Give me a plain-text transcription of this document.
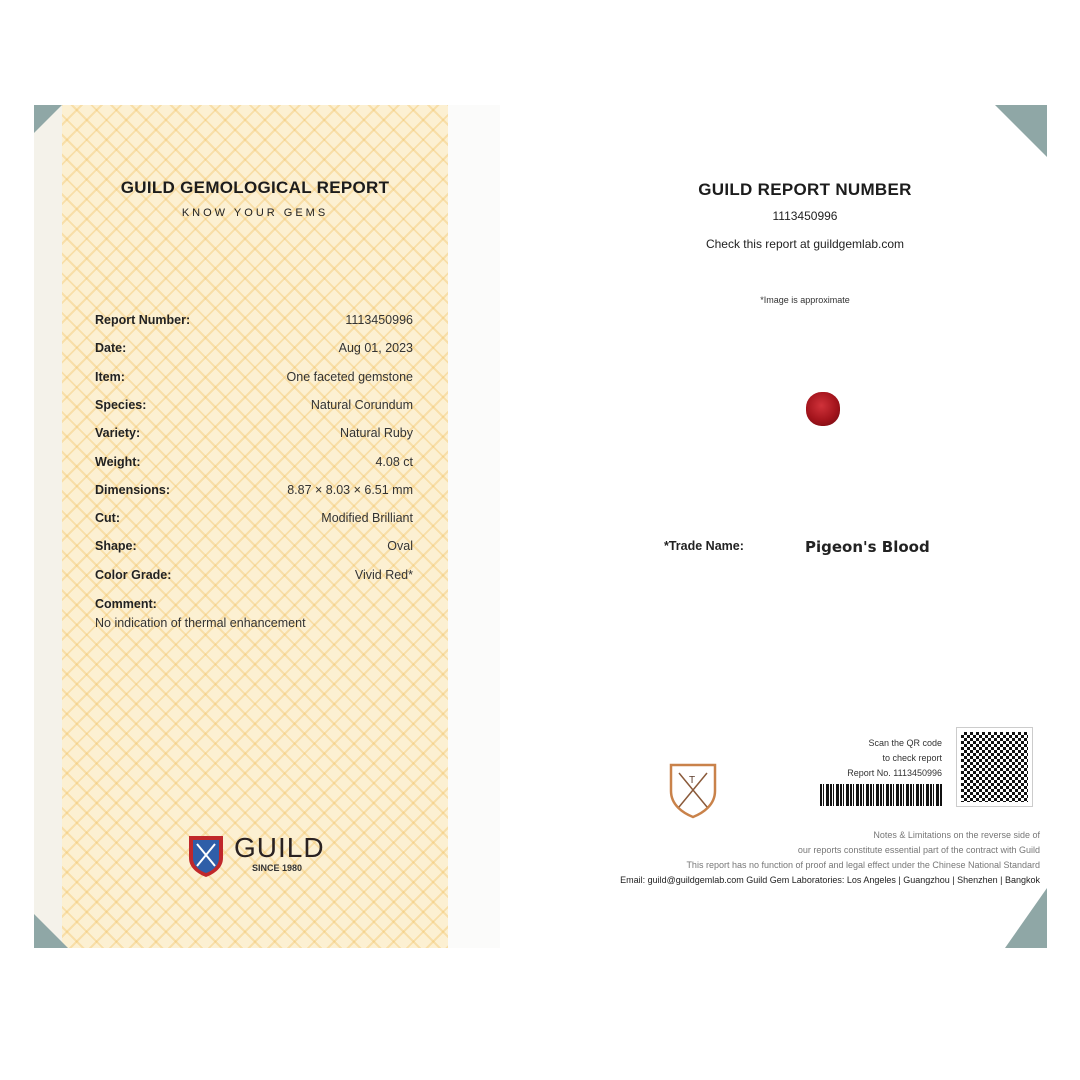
GUILD GEMOLOGICAL REPORT
KNOW YOUR GEMS
Report Number:	1113450996
Date:	Aug 01, 2023
Item:	One faceted gemstone
Species:	Natural Corundum
Variety:	Natural Ruby
Weight:	4.08 ct
Dimensions:	8.87 × 8.03 × 6.51 mm
Cut:	Modified Brilliant
Shape:	Oval
Color Grade:	Vivid Red*
Comment:
No indication of thermal enhancement
GUILD
SINCE 1980
GUILD REPORT NUMBER
1113450996
Check this report at guildgemlab.com
*Image is approximate
*Trade Name:	Pigeon's Blood
T
Scan the QR code
to check report
Report No. 1113450996
Notes & Limitations on the reverse side of
our reports constitute essential part of the contract with Guild
This report has no function of proof and legal effect under the Chinese National Standard
Email: guild@guildgemlab.com Guild Gem Laboratories: Los Angeles | Guangzhou | Shenzhen | Bangkok
